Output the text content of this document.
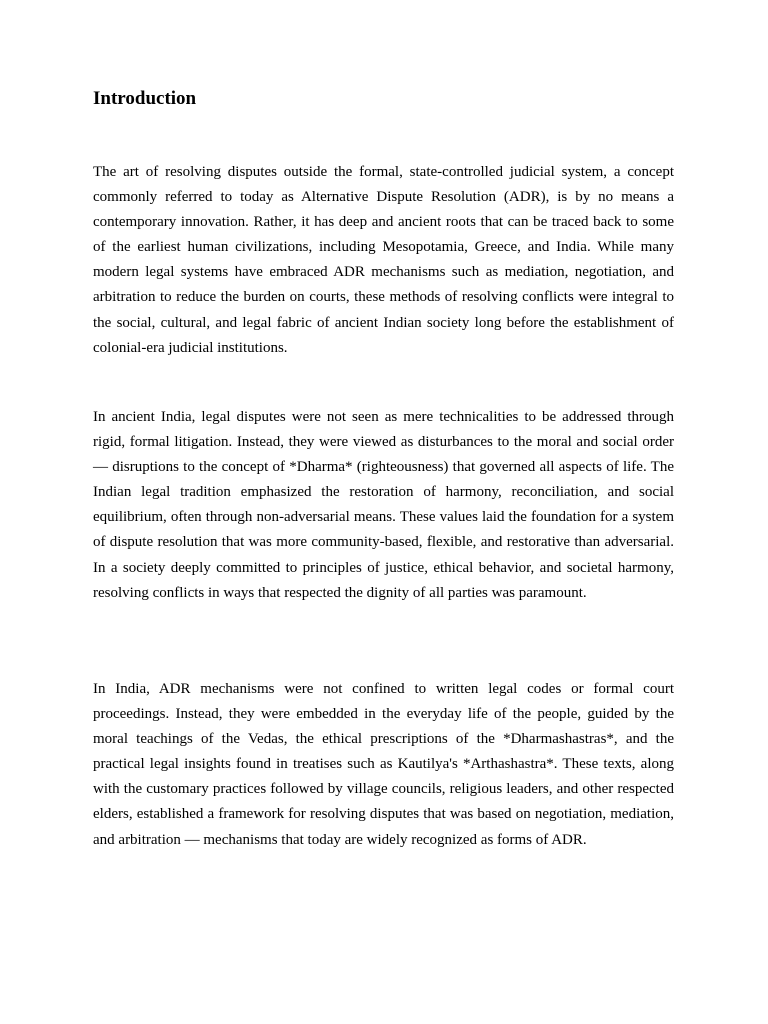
Introduction

The art of resolving disputes outside the formal, state-controlled judicial system, a concept commonly referred to today as Alternative Dispute Resolution (ADR), is by no means a contemporary innovation. Rather, it has deep and ancient roots that can be traced back to some of the earliest human civilizations, including Mesopotamia, Greece, and India. While many modern legal systems have embraced ADR mechanisms such as mediation, negotiation, and arbitration to reduce the burden on courts, these methods of resolving conflicts were integral to the social, cultural, and legal fabric of ancient Indian society long before the establishment of colonial-era judicial institutions.

In ancient India, legal disputes were not seen as mere technicalities to be addressed through rigid, formal litigation. Instead, they were viewed as disturbances to the moral and social order — disruptions to the concept of *Dharma* (righteousness) that governed all aspects of life. The Indian legal tradition emphasized the restoration of harmony, reconciliation, and social equilibrium, often through non-adversarial means. These values laid the foundation for a system of dispute resolution that was more community-based, flexible, and restorative than adversarial. In a society deeply committed to principles of justice, ethical behavior, and societal harmony, resolving conflicts in ways that respected the dignity of all parties was paramount.

In India, ADR mechanisms were not confined to written legal codes or formal court proceedings. Instead, they were embedded in the everyday life of the people, guided by the moral teachings of the Vedas, the ethical prescriptions of the *Dharmashastras*, and the practical legal insights found in treatises such as Kautilya's *Arthashastra*. These texts, along with the customary practices followed by village councils, religious leaders, and other respected elders, established a framework for resolving disputes that was based on negotiation, mediation, and arbitration — mechanisms that today are widely recognized as forms of ADR.
